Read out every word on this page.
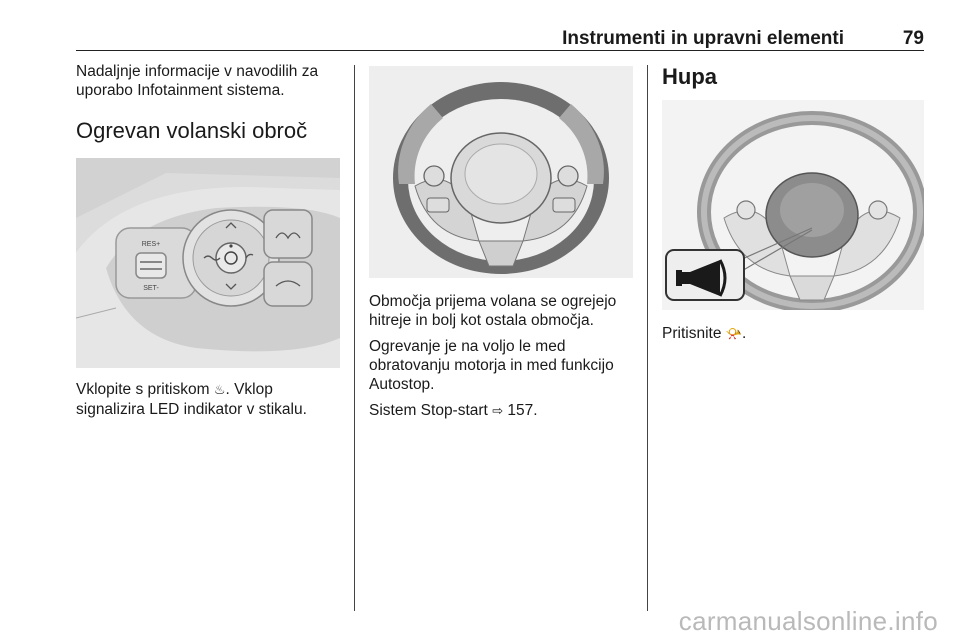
Instrumenti in upravni elementi	79

Nadaljnje informacije v navodilih za uporabo Infotainment sistema.

Ogrevan volanski obroč
RES+
SET-

Vklopite s pritiskom ♨. Vklop signalizira LED indikator v stikalu.

Območja prijema volana se ogrejejo hitreje in bolj kot ostala območja.

Ogrevanje je na voljo le med obratovanju motorja in med funkcijo Autostop.

Sistem Stop-start ⇨ 157.

Hupa

Pritisnite 📯.

carmanualsonline.info
